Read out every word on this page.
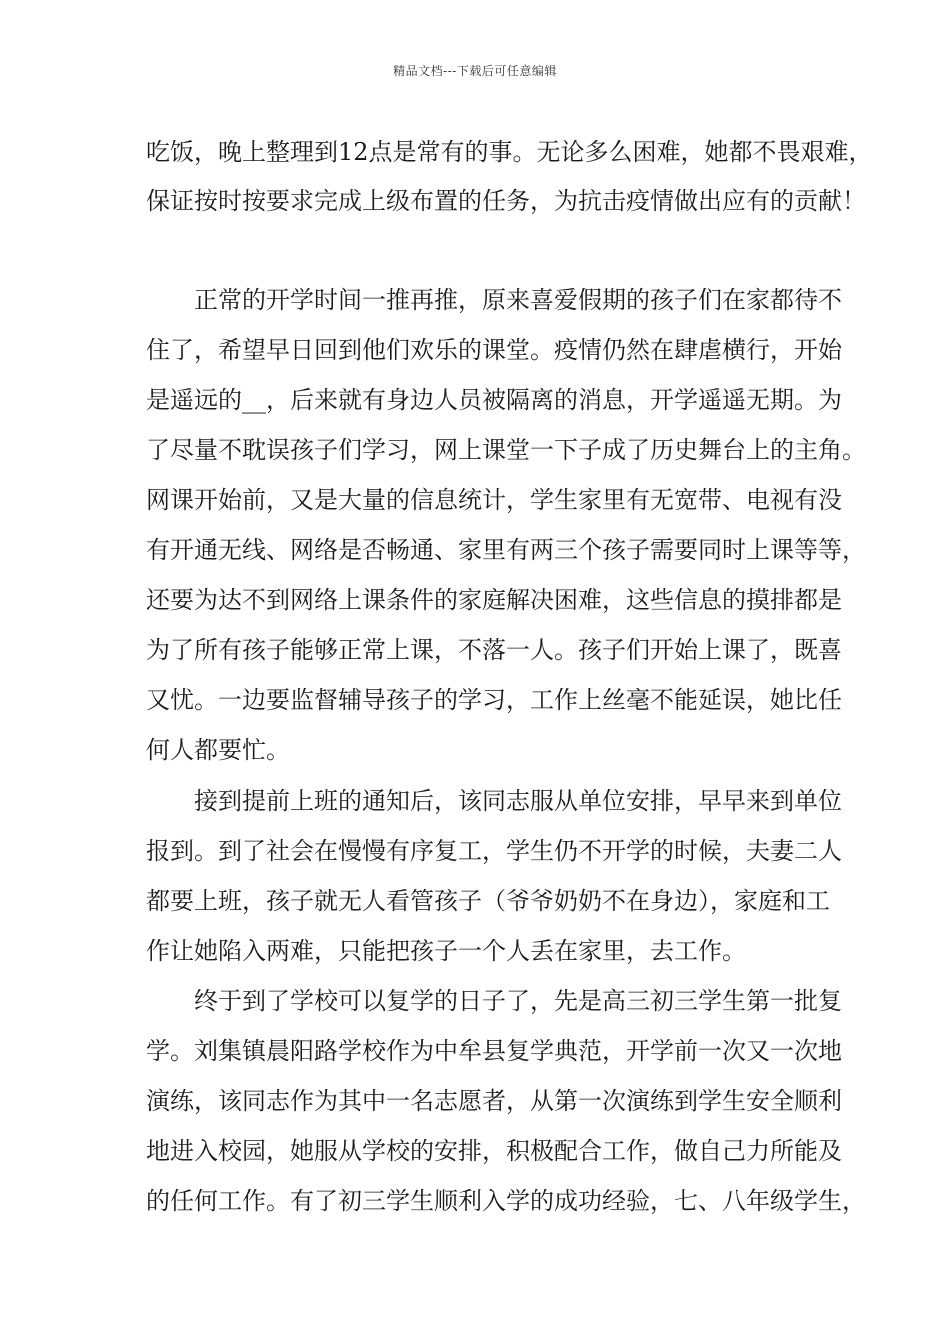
精品文档---下载后可任意编辑
吃饭，晚上整理到12点是常有的事。无论多么困难，她都不畏艰难，
保证按时按要求完成上级布置的任务，为抗击疫情做出应有的贡献！
正常的开学时间一推再推，原来喜爱假期的孩子们在家都待不
住了，希望早日回到他们欢乐的课堂。疫情仍然在肆虐横行，开始
是遥远的__，后来就有身边人员被隔离的消息，开学遥遥无期。为
了尽量不耽误孩子们学习，网上课堂一下子成了历史舞台上的主角。
网课开始前，又是大量的信息统计，学生家里有无宽带、电视有没
有开通无线、网络是否畅通、家里有两三个孩子需要同时上课等等，
还要为达不到网络上课条件的家庭解决困难，这些信息的摸排都是
为了所有孩子能够正常上课，不落一人。孩子们开始上课了，既喜
又忧。一边要监督辅导孩子的学习，工作上丝毫不能延误，她比任
何人都要忙。
接到提前上班的通知后，该同志服从单位安排，早早来到单位
报到。到了社会在慢慢有序复工，学生仍不开学的时候，夫妻二人
都要上班，孩子就无人看管孩子（爷爷奶奶不在身边），家庭和工
作让她陷入两难，只能把孩子一个人丢在家里，去工作。
终于到了学校可以复学的日子了，先是高三初三学生第一批复
学。刘集镇晨阳路学校作为中牟县复学典范，开学前一次又一次地
演练，该同志作为其中一名志愿者，从第一次演练到学生安全顺利
地进入校园，她服从学校的安排，积极配合工作，做自己力所能及
的任何工作。有了初三学生顺利入学的成功经验，七、八年级学生，
